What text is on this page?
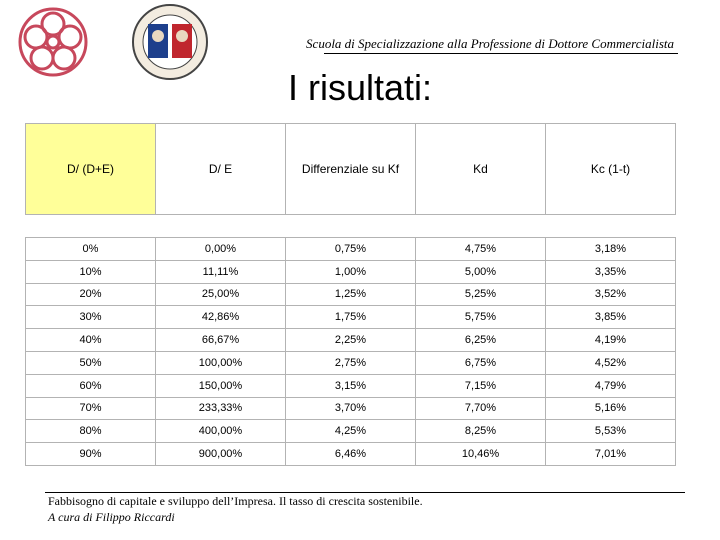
Scuola di Specializzazione alla Professione di Dottore Commercialista
I risultati:
D/ (D+E)	D/ E	Differenziale su Kf	Kd	Kc (1-t)
0%	0,00%	0,75%	4,75%	3,18%
10%	11,11%	1,00%	5,00%	3,35%
20%	25,00%	1,25%	5,25%	3,52%
30%	42,86%	1,75%	5,75%	3,85%
40%	66,67%	2,25%	6,25%	4,19%
50%	100,00%	2,75%	6,75%	4,52%
60%	150,00%	3,15%	7,15%	4,79%
70%	233,33%	3,70%	7,70%	5,16%
80%	400,00%	4,25%	8,25%	5,53%
90%	900,00%	6,46%	10,46%	7,01%
Fabbisogno di capitale e sviluppo dell’Impresa. Il tasso di crescita sostenibile.
A cura di Filippo Riccardi
